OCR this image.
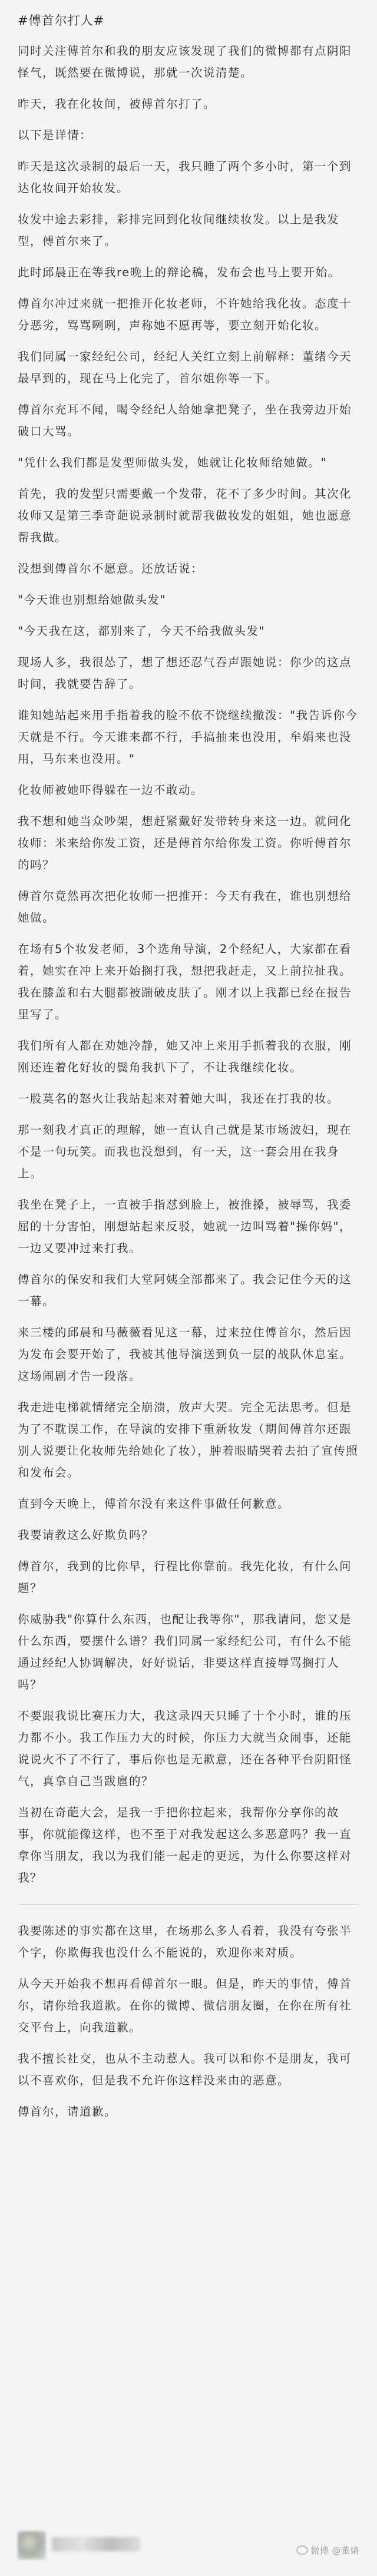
#傅首尔打人#
同时关注傅首尔和我的朋友应该发现了我们的微博都有点阴阳怪气，既然要在微博说，那就一次说清楚。
昨天，我在化妆间，被傅首尔打了。
以下是详情：
昨天是这次录制的最后一天，我只睡了两个多小时，第一个到达化妆间开始妆发。
妆发中途去彩排，彩排完回到化妆间继续妆发。以上是我发型，傅首尔来了。
此时邱晨正在等我re晚上的辩论稿，发布会也马上要开始。
傅首尔冲过来就一把推开化妆老师，不许她给我化妆。态度十分恶劣，骂骂咧咧，声称她不愿再等，要立刻开始化妆。
我们同属一家经纪公司，经纪人关红立刻上前解释：董绪今天最早到的，现在马上化完了，首尔姐你等一下。
傅首尔充耳不闻，喝令经纪人给她拿把凳子，坐在我旁边开始破口大骂。
"凭什么我们都是发型师做头发，她就让化妆师给她做。"
首先，我的发型只需要戴一个发带，花不了多少时间。其次化妆师又是第三季奇葩说录制时就帮我做妆发的姐姐，她也愿意帮我做。
没想到傅首尔不愿意。还放话说：
"今天谁也别想给她做头发"
"今天我在这，都别来了，今天不给我做头发"
现场人多，我很怂了，想了想还忍气吞声跟她说：你少的这点时间，我就要告辞了。
谁知她站起来用手指着我的脸不依不饶继续撒泼："我告诉你今天就是不行。今天谁来都不行，手搞抽来也没用，牟娟来也没用，马东来也没用。"
化妆师被她吓得躲在一边不敢动。
我不想和她当众吵架，想赶紧戴好发带转身来这一边。就问化妆师：米来给你发工资，还是傅首尔给你发工资。你听傅首尔的吗？
傅首尔竟然再次把化妆师一把推开：今天有我在，谁也别想给她做。
在场有5个妆发老师，3个选角导演，2个经纪人，大家都在看着，她实在冲上来开始搁打我，想把我赶走，又上前拉扯我。我在膝盖和右大腿都被踹破皮肤了。刚才以上我都已经在报告里写了。
我们所有人都在劝她冷静，她又冲上来用手抓着我的衣服，刚刚还连着化好妆的鬓角我扒下了，不让我继续化妆。
一股莫名的怒火让我站起来对着她大叫，我还在打我的妆。
那一刻我才真正的理解，她一直认自己就是某市场波妇，现在不是一句玩笑。而我也没想到，有一天，这一套会用在我身上。
我坐在凳子上，一直被手指怼到脸上，被推搡，被辱骂，我委屈的十分害怕，刚想站起来反驳，她就一边叫骂着"操你妈"，一边又要冲过来打我。
傅首尔的保安和我们大堂阿姨全部都来了。我会记住今天的这一幕。
来三楼的邱晨和马薇薇看见这一幕，过来拉住傅首尔，然后因为发布会要开始了，我被其他导演送到负一层的战队休息室。这场闹剧才告一段落。
我走进电梯就情绪完全崩溃，放声大哭。完全无法思考。但是为了不耽误工作，在导演的安排下重新妆发（期间傅首尔还跟别人说要让化妆师先给她化了妆），肿着眼睛哭着去拍了宣传照和发布会。
直到今天晚上，傅首尔没有来这件事做任何歉意。
我要请教这么好欺负吗？
傅首尔，我到的比你早，行程比你靠前。我先化妆，有什么问题？
你威胁我"你算什么东西，也配让我等你"，那我请问，您又是什么东西，要摆什么谱？我们同属一家经纪公司，有什么不能通过经纪人协调解决，好好说话，非要这样直接辱骂搁打人吗？
不要跟我说比赛压力大，我这录四天只睡了十个小时，谁的压力都不小。我工作压力大的时候，你压力大就当众闹事，还能说说火不了不行了，事后你也是无歉意，还在各种平台阴阳怪气，真拿自己当跋扈的？
当初在奇葩大会，是我一手把你拉起来，我帮你分享你的故事，你就能像这样，也不至于对我发起这么多恶意吗？我一直拿你当朋友，我以为我们能一起走的更远，为什么你要这样对我？
我要陈述的事实都在这里，在场那么多人看着，我没有夸张半个字，你欺侮我也没什么不能说的，欢迎你来对质。
从今天开始我不想再看傅首尔一眼。但是，昨天的事情，傅首尔，请你给我道歉。在你的微博、微信朋友圈，在你在所有社交平台上，向我道歉。
我不擅长社交，也从不主动惹人。我可以和你不是朋友，我可以不喜欢你，但是我不允许你这样没来由的恶意。
傅首尔，请道歉。
微博 @董婧
